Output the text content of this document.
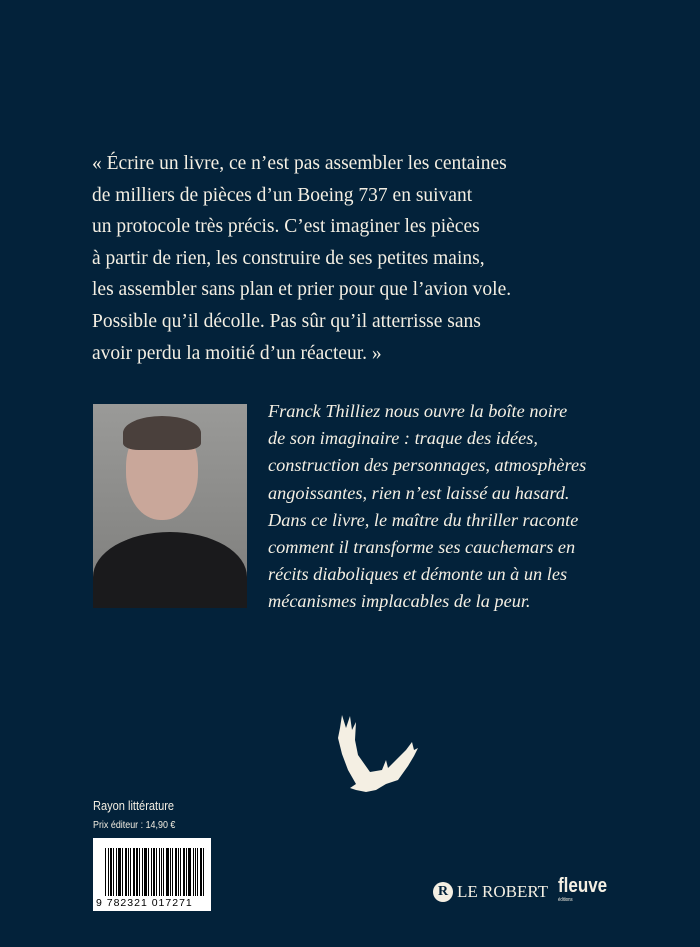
« Écrire un livre, ce n’est pas assembler les centaines
de milliers de pièces d’un Boeing 737 en suivant
un protocole très précis. C’est imaginer les pièces
à partir de rien, les construire de ses petites mains,
les assembler sans plan et prier pour que l’avion vole.
Possible qu’il décolle. Pas sûr qu’il atterrisse sans
avoir perdu la moitié d’un réacteur. »
Franck Thilliez nous ouvre la boîte noire
de son imaginaire : traque des idées,
construction des personnages, atmosphères
angoissantes, rien n’est laissé au hasard.
Dans ce livre, le maître du thriller raconte
comment il transforme ses cauchemars en
récits diaboliques et démonte un à un les
mécanismes implacables de la peur.
Rayon littérature
Prix éditeur : 14,90 €
9 782321 017271
R LE ROBERT fleuve
éditions
